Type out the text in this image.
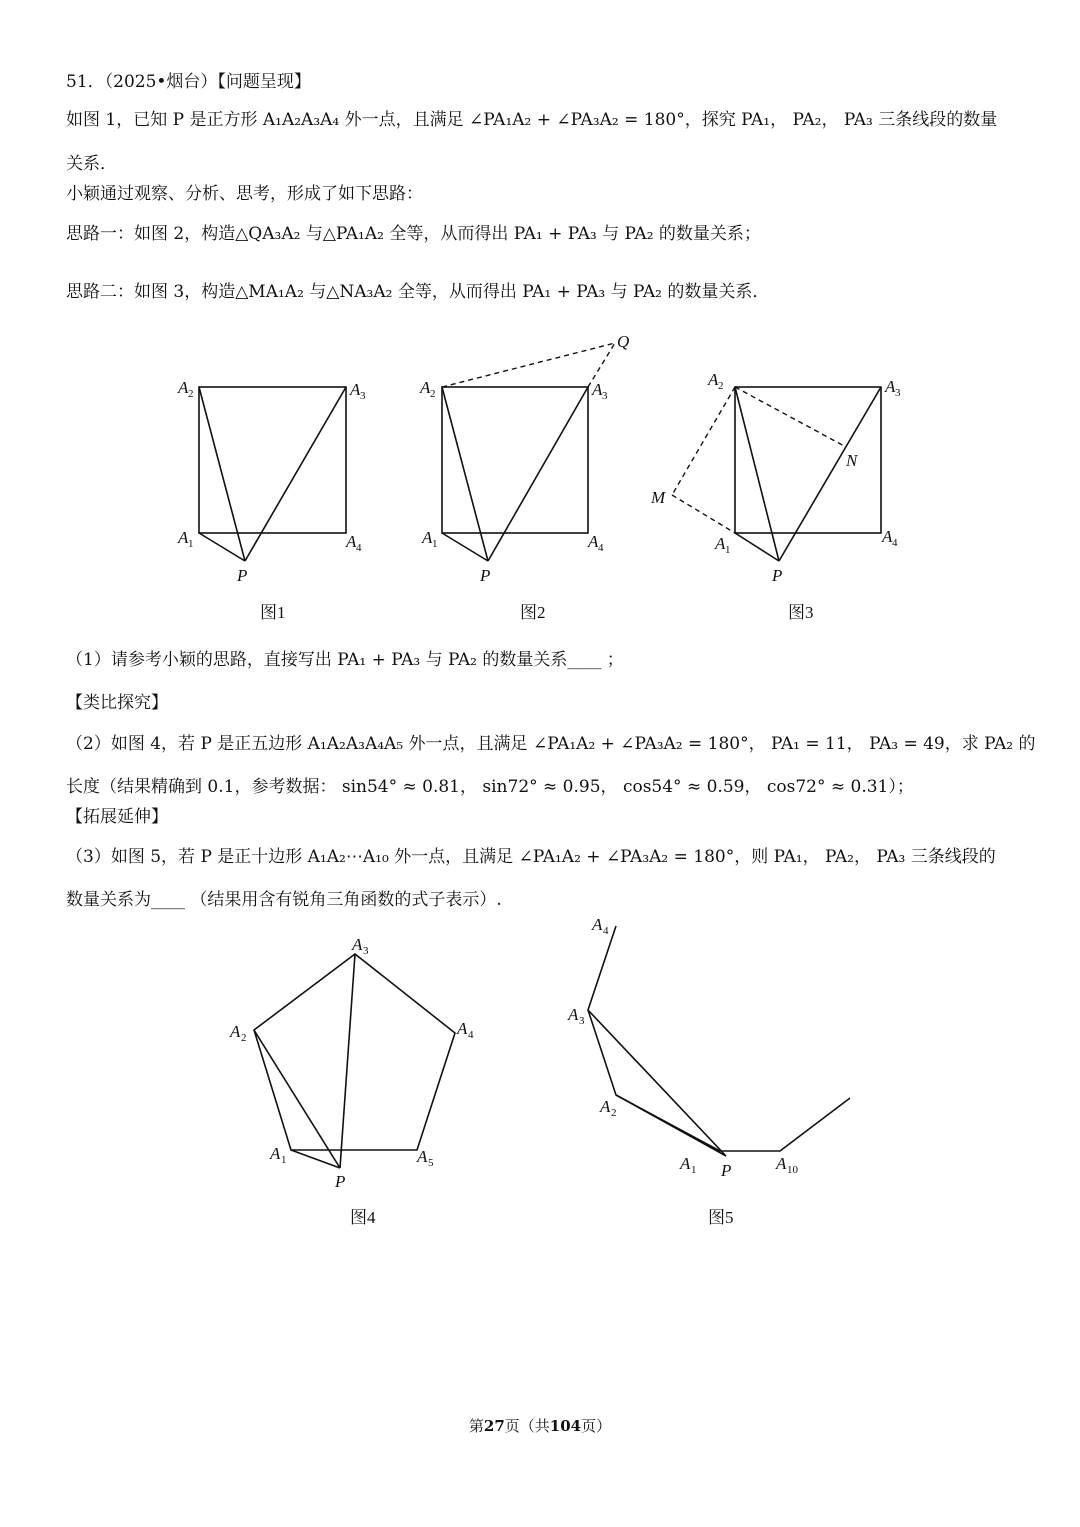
51．（2025•烟台）【问题呈现】
如图 1，已知 P 是正方形 A₁A₂A₃A₄ 外一点，且满足 ∠PA₁A₂ + ∠PA₃A₂ = 180°，探究 PA₁， PA₂， PA₃ 三条线段的数量
关系．
小颖通过观察、分析、思考，形成了如下思路：
思路一：如图 2，构造△QA₃A₂ 与△PA₁A₂ 全等，从而得出 PA₁ + PA₃ 与 PA₂ 的数量关系；
思路二：如图 3，构造△MA₁A₂ 与△NA₃A₂ 全等，从而得出 PA₁ + PA₃ 与 PA₂ 的数量关系．
A 2	A 3
A 1	A 4
P
图1
Q
A 2	A 3
A 1	A 4
P
图2
M
N
A 2	A 3
A 1
A 4
P
图3
（1）请参考小颖的思路，直接写出 PA₁ + PA₃ 与 PA₂ 的数量关系____ ；
【类比探究】
（2）如图 4，若 P 是正五边形 A₁A₂A₃A₄A₅ 外一点，且满足 ∠PA₁A₂ + ∠PA₃A₂ = 180°， PA₁ = 11， PA₃ = 49，求 PA₂ 的
长度（结果精确到 0.1，参考数据： sin54° ≈ 0.81， sin72° ≈ 0.95， cos54° ≈ 0.59， cos72° ≈ 0.31）；
【拓展延伸】
（3）如图 5，若 P 是正十边形 A₁A₂⋯A₁₀ 外一点，且满足 ∠PA₁A₂ + ∠PA₃A₂ = 180°，则 PA₁， PA₂， PA₃ 三条线段的
数量关系为____ （结果用含有锐角三角函数的式子表示）.
A 3
A 2	A 4
A 1	A 5
P
图4
A 4
A 3
A 2
A 1 P	A 10
图5
第27页（共104页）
